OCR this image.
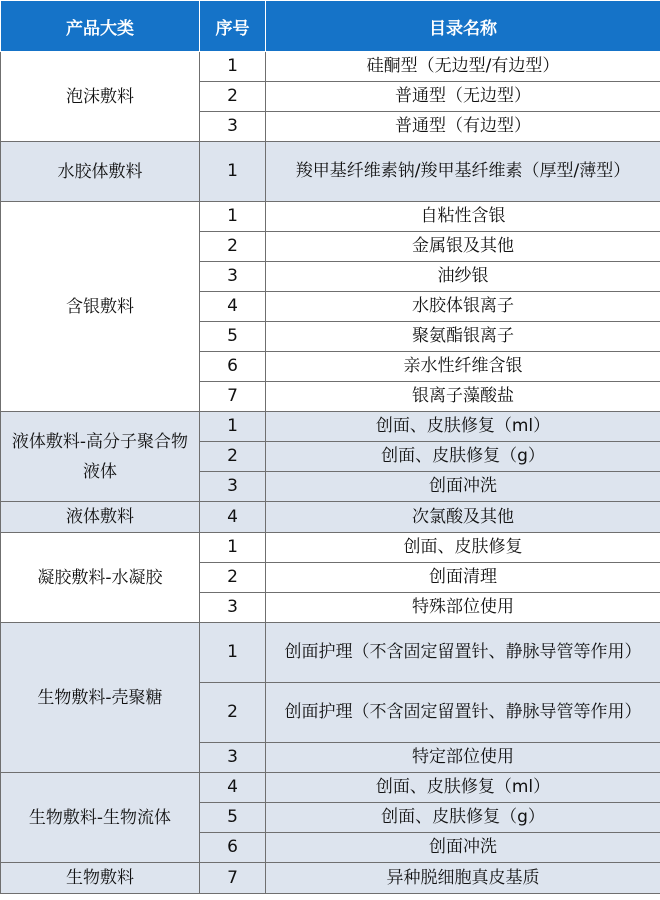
产品大类	序号	目录名称
泡沫敷料	1	硅酮型（无边型/有边型）
	2	普通型（无边型）
	3	普通型（有边型）
水胶体敷料	1	羧甲基纤维素钠/羧甲基纤维素（厚型/薄型）
含银敷料	1	自粘性含银
	2	金属银及其他
	3	油纱银
	4	水胶体银离子
	5	聚氨酯银离子
	6	亲水性纤维含银
	7	银离子藻酸盐
液体敷料-高分子聚合物液体	1	创面、皮肤修复（ml）
	2	创面、皮肤修复（g）
	3	创面冲洗
液体敷料	4	次氯酸及其他
凝胶敷料-水凝胶	1	创面、皮肤修复
	2	创面清理
	3	特殊部位使用
生物敷料-壳聚糖	1	创面护理（不含固定留置针、静脉导管等作用）
	2	创面护理（不含固定留置针、静脉导管等作用）
	3	特定部位使用
生物敷料-生物流体	4	创面、皮肤修复（ml）
	5	创面、皮肤修复（g）
	6	创面冲洗
生物敷料	7	异种脱细胞真皮基质
